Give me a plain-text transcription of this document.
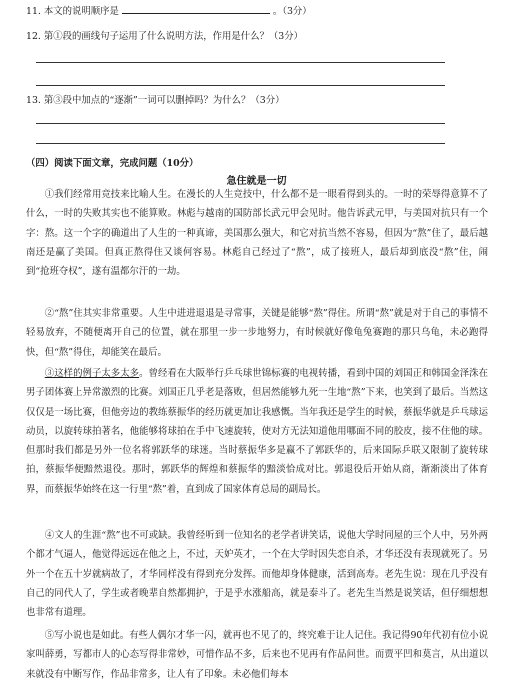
11. 本文的说明顺序是	。（3分）
12. 第①段的画线句子运用了什么说明方法，作用是什么？（3分）
13. 第③段中加点的“逐渐”一词可以删掉吗？为什么？（3分）
（四）阅读下面文章，完成问题（10分）
急住就是一切

①我们经常用竞技来比喻人生。在漫长的人生竞技中，什么都不是一眼看得到头的。一时的荣辱得意算不了什么，一时的失败其实也不能算败。林彪与越南的国防部长武元甲会见时。他告诉武元甲，与美国对抗只有一个字：熬。这一个字的确道出了人生的一种真谛，美国那么强大，和它对抗当然不容易，但因为“熬”住了，最后越南还是赢了美国。但真正熬得住又谈何容易。林彪自己经过了“熬”，成了接班人，最后却到底没“熬”住，闹到“抢班夺权”，遂有温都尔汗的一劫。

②“熬”住其实非常重要。人生中进进退退是寻常事，关键是能够“熬”得住。所谓“熬”就是对于自己的事情不轻易放弃，不随便离开自己的位置，就在那里一步一步地努力，有时候就好像龟兔赛跑的那只乌龟，未必跑得快，但“熬”得住，却能笑在最后。

③这样的例子太多太多。曾经看在大阪举行乒乓球世锦标赛的电视转播，看到中国的刘国正和韩国金泽洙在男子团体赛上异常激烈的比赛。刘国正几乎老是落败，但居然能够九死一生地“熬”下来，也笑到了最后。当然这仅仅是一场比赛，但他旁边的教练蔡振华的经历就更加让我感慨。当年我还是学生的时候，蔡振华就是乒乓球运动员，以旋转球拍著名，他能够将球拍在手中飞速旋转，使对方无法知道他用哪面不同的胶皮，接不住他的球。但那时我们都是另外一位名将郭跃华的球迷。当时蔡振华多是赢不了郭跃华的，后来国际乒联又限制了旋转球拍，蔡振华便黯然退役。那时，郭跃华的辉煌和蔡振华的黯淡恰成对比。郭退役后开始从商，渐渐淡出了体育界，而蔡振华始终在这一行里“熬”着，直到成了国家体育总局的副局长。

④文人的生涯“熬”也不可或缺。我曾经听到一位知名的老学者讲笑话，说他大学时同屋的三个人中，另外两个都才气逼人，他觉得远远在他之上，不过，天妒英才，一个在大学时因失恋自杀，才华还没有表现就死了。另外一个在五十岁就病故了，才华同样没有得到充分发挥。而他却身体健康，活到高寿。老先生说：现在几乎没有自己的同代人了，学生或者晚辈自然都拥护，于是乎水涨船高，就是泰斗了。老先生当然是说笑话，但仔细想想也非常有道理。

⑤写小说也是如此。有些人偶尔才华一闪，就再也不见了的，终究难于让人记住。我记得90年代初有位小说家叫薛勇，写都市人的心态写得非常妙，可惜作品不多，后来也不见再有作品问世。而贾平凹和莫言，从出道以来就没有中断写作，作品非常多，让人有了印象。未必他们每本
